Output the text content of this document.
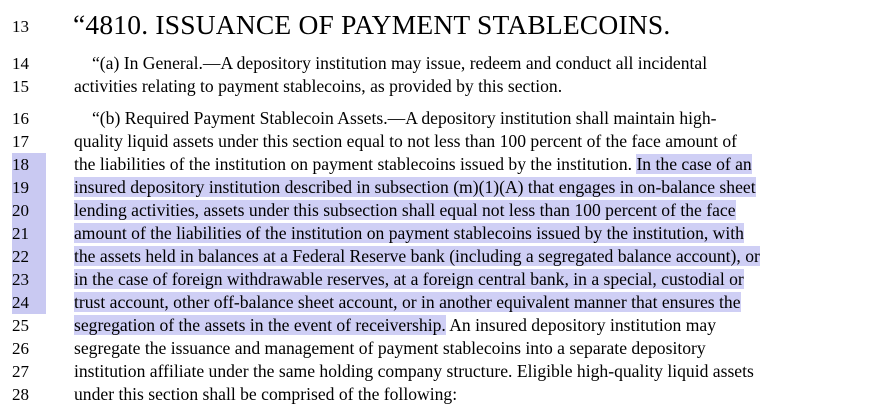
13	“4810. ISSUANCE OF PAYMENT STABLECOINS.
14	“(a) In General.—A depository institution may issue, redeem and conduct all incidental
15	activities relating to payment stablecoins, as provided by this section.
16	“(b) Required Payment Stablecoin Assets.—A depository institution shall maintain high-
17	quality liquid assets under this section equal to not less than 100 percent of the face amount of
18	the liabilities of the institution on payment stablecoins issued by the institution. In the case of an
19	insured depository institution described in subsection (m)(1)(A) that engages in on-balance sheet
20	lending activities, assets under this subsection shall equal not less than 100 percent of the face
21	amount of the liabilities of the institution on payment stablecoins issued by the institution, with
22	the assets held in balances at a Federal Reserve bank (including a segregated balance account), or
23	in the case of foreign withdrawable reserves, at a foreign central bank, in a special, custodial or
24	trust account, other off-balance sheet account, or in another equivalent manner that ensures the
25	segregation of the assets in the event of receivership. An insured depository institution may
26	segregate the issuance and management of payment stablecoins into a separate depository
27	institution affiliate under the same holding company structure. Eligible high-quality liquid assets
28	under this section shall be comprised of the following:
